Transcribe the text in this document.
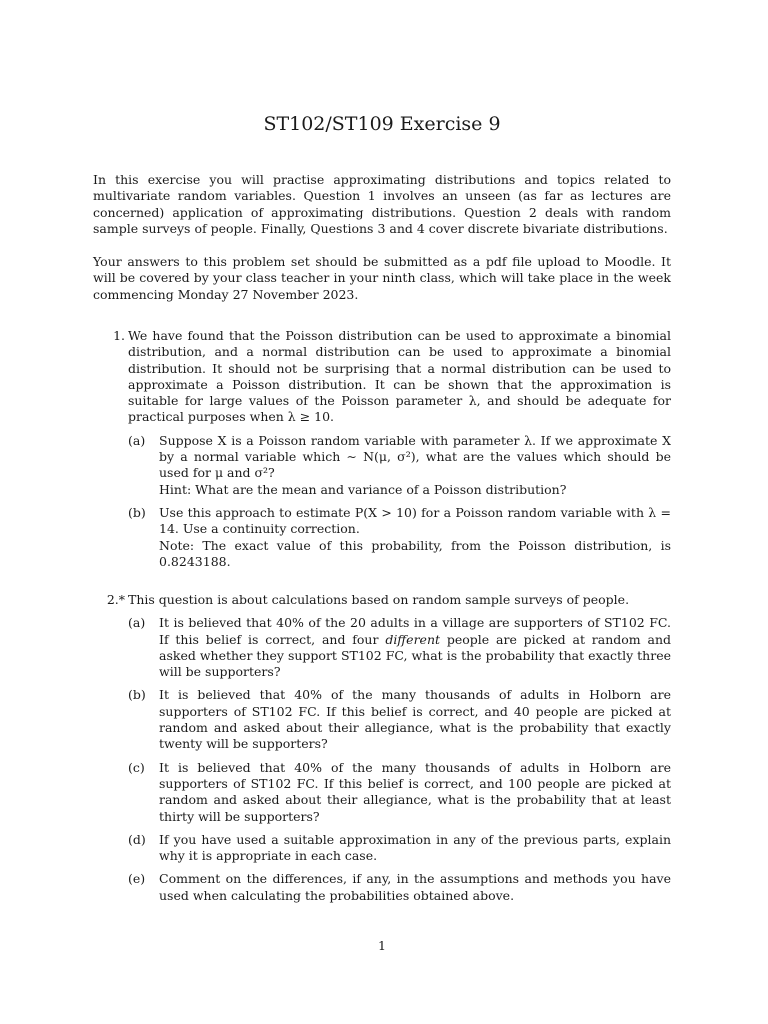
ST102/ST109 Exercise 9

In this exercise you will practise approximating distributions and topics related to multivariate random variables. Question 1 involves an unseen (as far as lectures are concerned) application of approximating distributions. Question 2 deals with random sample surveys of people. Finally, Questions 3 and 4 cover discrete bivariate distributions.

Your answers to this problem set should be submitted as a pdf file upload to Moodle. It will be covered by your class teacher in your ninth class, which will take place in the week commencing Monday 27 November 2023.

1. We have found that the Poisson distribution can be used to approximate a binomial distribution, and a normal distribution can be used to approximate a binomial distribution. It should not be surprising that a normal distribution can be used to approximate a Poisson distribution. It can be shown that the approximation is suitable for large values of the Poisson parameter λ, and should be adequate for practical purposes when λ ≥ 10.
(a)	Suppose X is a Poisson random variable with parameter λ. If we approximate X by a normal variable which ∼ N(μ, σ²), what are the values which should be used for μ and σ²?
Hint: What are the mean and variance of a Poisson distribution?
(b)	Use this approach to estimate P(X > 10) for a Poisson random variable with λ = 14. Use a continuity correction.
Note: The exact value of this probability, from the Poisson distribution, is 0.8243188.
2.* This question is about calculations based on random sample surveys of people.
(a)	It is believed that 40% of the 20 adults in a village are supporters of ST102 FC. If this belief is correct, and four different people are picked at random and asked whether they support ST102 FC, what is the probability that exactly three will be supporters?
(b)	It is believed that 40% of the many thousands of adults in Holborn are supporters of ST102 FC. If this belief is correct, and 40 people are picked at random and asked about their allegiance, what is the probability that exactly twenty will be supporters?
(c)	It is believed that 40% of the many thousands of adults in Holborn are supporters of ST102 FC. If this belief is correct, and 100 people are picked at random and asked about their allegiance, what is the probability that at least thirty will be supporters?
(d)	If you have used a suitable approximation in any of the previous parts, explain why it is appropriate in each case.
(e)	Comment on the differences, if any, in the assumptions and methods you have used when calculating the probabilities obtained above.
1
